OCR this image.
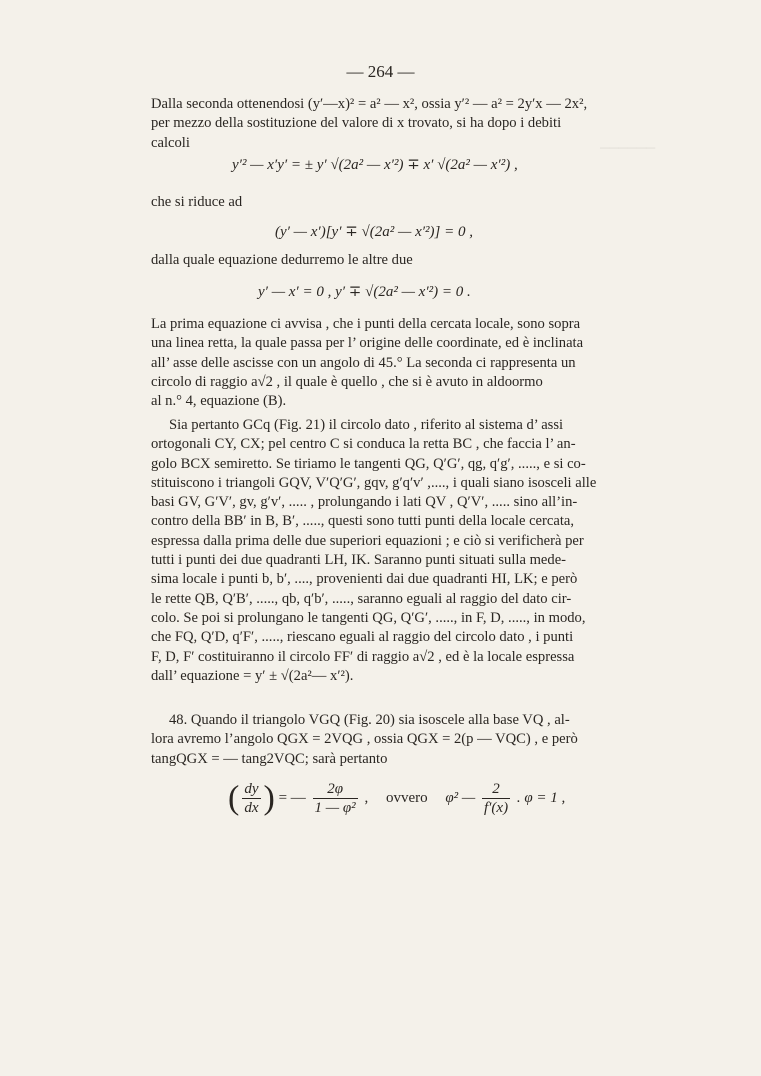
──────
— 264 —
Dalla seconda ottenendosi (y′—x)² = a² — x², ossia y′² — a² = 2y′x — 2x²,
per mezzo della sostituzione del valore di x trovato, si ha dopo i debiti
calcoli
y′² — x′y′ = ± y′ √(2a² — x′²) ∓ x′ √(2a² — x′²) ,
che si riduce ad
(y′ — x′)[y′ ∓ √(2a² — x′²)] = 0 ,
dalla quale equazione dedurremo le altre due
y′ — x′ = 0 , y′ ∓ √(2a² — x′²) = 0 .
La prima equazione ci avvisa , che i punti della cercata locale, sono sopra
una linea retta, la quale passa per l’ origine delle coordinate, ed è inclinata
all’ asse delle ascisse con un angolo di 45.° La seconda ci rappresenta un
circolo di raggio a√2 , il quale è quello , che si è avuto in aldoormo
al n.° 4, equazione (B).
Sia pertanto GCq (Fig. 21) il circolo dato , riferito al sistema d’ assi
ortogonali CY, CX; pel centro C si conduca la retta BC , che faccia l’ an-
golo BCX semiretto. Se tiriamo le tangenti QG, Q′G′, qg, q′g′, ....., e si co-
stituiscono i triangoli GQV, V′Q′G′, gqv, g′q′v′ ,...., i quali siano isosceli alle
basi GV, G′V′, gv, g′v′, ..... , prolungando i lati QV , Q′V′, ..... sino all’in-
contro della BB′ in B, B′, ....., questi sono tutti punti della locale cercata,
espressa dalla prima delle due superiori equazioni ; e ciò si verificherà per
tutti i punti dei due quadranti LH, IK. Saranno punti situati sulla mede-
sima locale i punti b, b′, ...., provenienti dai due quadranti HI, LK; e però
le rette QB, Q′B′, ....., qb, q′b′, ....., saranno eguali al raggio del dato cir-
colo. Se poi si prolungano le tangenti QG, Q′G′, ....., in F, D, ....., in modo,
che FQ, Q′D, q′F′, ....., riescano eguali al raggio del circolo dato , i punti
F, D, F′ costituiranno il circolo FF′ di raggio a√2 , ed è la locale espressa
dall’ equazione = y′ ± √(2a²— x′²).
48. Quando il triangolo VGQ (Fig. 20) sia isoscele alla base VQ , al-
lora avremo l’angolo QGX = 2VQG , ossia QGX = 2(p — VQC) , e però
tangQGX = — tang2VQC; sarà pertanto
( $\frac{dy}{dx}$ ) = — $\frac{2\varphi}{\text{1 — φ²}}$ , ovvero φ² — $\frac{2}{f'(x)}$ . φ = 1 ,
